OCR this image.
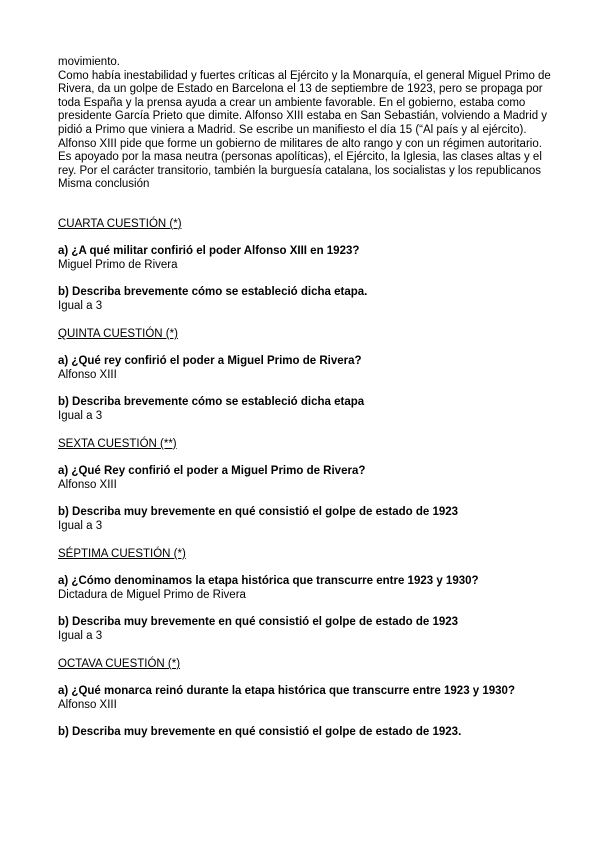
movimiento.

Como había inestabilidad y fuertes críticas al Ejército y la Monarquía, el general Miguel Primo de Rivera, da un golpe de Estado en Barcelona el 13 de septiembre de 1923, pero se propaga por toda España y la prensa ayuda a crear un ambiente favorable. En el gobierno, estaba como presidente García Prieto que dimite. Alfonso XIII estaba en San Sebastián, volviendo a Madrid y pidió a Primo que viniera a Madrid. Se escribe un manifiesto el día 15 (“Al país y al ejército).

Alfonso XIII pide que forme un gobierno de militares de alto rango y con un régimen autoritario. Es apoyado por la masa neutra (personas apolíticas), el Ejército, la Iglesia, las clases altas y el rey. Por el carácter transitorio, también la burguesía catalana, los socialistas y los republicanos

Misma conclusión

CUARTA CUESTIÓN (*)

a) ¿A qué militar confirió el poder Alfonso XIII en 1923?

Miguel Primo de Rivera

b) Describa brevemente cómo se estableció dicha etapa.

Igual a 3

QUINTA CUESTIÓN (*)

a) ¿Qué rey confirió el poder a Miguel Primo de Rivera?

Alfonso XIII

b) Describa brevemente cómo se estableció dicha etapa

Igual a 3

SEXTA CUESTIÓN (**)

a) ¿Qué Rey confirió el poder a Miguel Primo de Rivera?

Alfonso XIII

b) Describa muy brevemente en qué consistió el golpe de estado de 1923

Igual a 3

SÉPTIMA CUESTIÓN (*)

a) ¿Cómo denominamos la etapa histórica que transcurre entre 1923 y 1930?

Dictadura de Miguel Primo de Rivera

b) Describa muy brevemente en qué consistió el golpe de estado de 1923

Igual a 3

OCTAVA CUESTIÓN (*)

a) ¿Qué monarca reinó durante la etapa histórica que transcurre entre 1923 y 1930?

Alfonso XIII

b) Describa muy brevemente en qué consistió el golpe de estado de 1923.
